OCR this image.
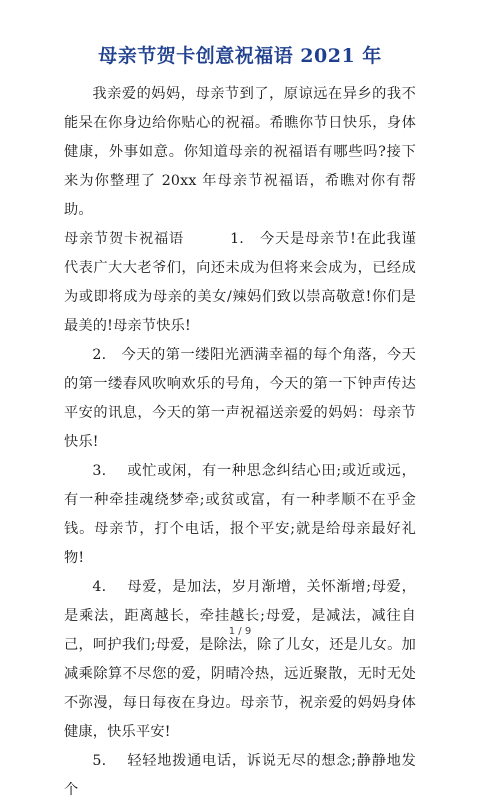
母亲节贺卡创意祝福语 2021 年

我亲爱的妈妈，母亲节到了，原谅远在异乡的我不能呆在你身边给你贴心的祝福。希瞧你节日快乐，身体健康，外事如意。你知道母亲的祝福语有哪些吗?接下来为你整理了 20xx 年母亲节祝福语，希瞧对你有帮助。

母亲节贺卡祝福语	1. 今天是母亲节!在此我谨代表广大大老爷们，向还未成为但将来会成为，已经成为或即将成为母亲的美女/辣妈们致以崇高敬意!你们是最美的!母亲节快乐!

2. 今天的第一缕阳光洒满幸福的每个角落，今天的第一缕春风吹响欢乐的号角，今天的第一下钟声传达平安的讯息，今天的第一声祝福送亲爱的妈妈：母亲节快乐!

3. 或忙或闲，有一种思念纠结心田;或近或远，有一种牵挂魂绕梦牵;或贫或富，有一种孝顺不在乎金钱。母亲节，打个电话，报个平安;就是给母亲最好礼物!

4. 母爱，是加法，岁月渐增，关怀渐增;母爱，是乘法，距离越长，牵挂越长;母爱，是减法，减往自己，呵护我们;母爱，是除法，除了儿女，还是儿女。加减乘除算不尽您的爱，阴晴冷热，远近聚散，无时无处不弥漫，每日每夜在身边。母亲节，祝亲爱的妈妈身体健康，快乐平安!

5. 轻轻地拨通电话，诉说无尽的想念;静静地发个

1 / 9
